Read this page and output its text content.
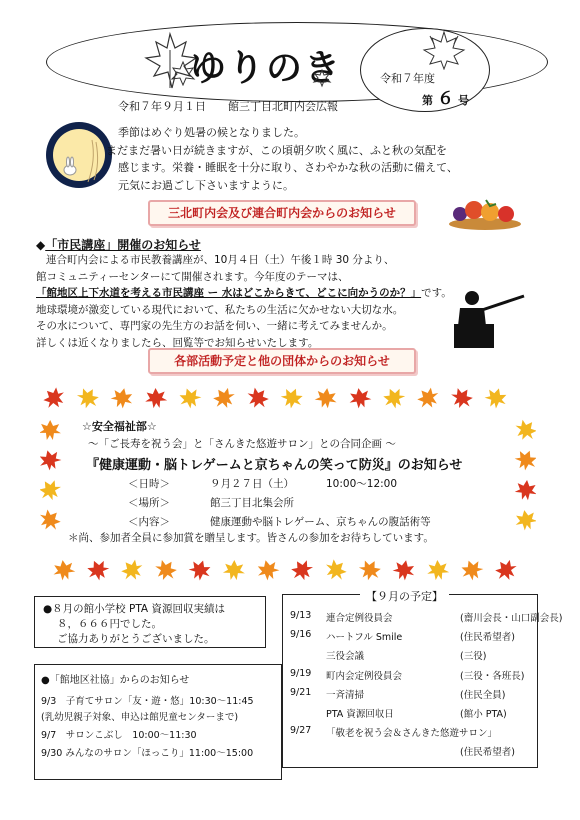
ゆりのき	令和７年度
第 ６ 号
令和７年９月１日　　館三丁目北町内会広報

季節はめぐり処暑の候となりました。

まだまだ暑い日が続きますが、この頃朝夕吹く風に、ふと秋の気配を

感じます。栄養・睡眠を十分に取り、さわやかな秋の活動に備えて、

元気にお過ごし下さいますように。

三北町内会及び連合町内会からのお知らせ
◆「市民講座」開催のお知らせ

連合町内会による市民教養講座が、10月４日（土）午後１時 30 分より、

館コミュニティーセンターにて開催されます。今年度のテーマは、

「館地区上下水道を考える市民講座 ー 水はどこからきて、どこに向かうのか？」です。

地球環境が激変している現代において、私たちの生活に欠かせない大切な水。

その水について、専門家の先生方のお話を伺い、一緒に考えてみませんか。

詳しくは近くなりましたら、回覧等でお知らせいたします。

各部活動予定と他の団体からのお知らせ
☆安全福祉部☆
〜「ご長寿を祝う会」と「さんきた悠遊サロン」との合同企画 〜
『健康運動・脳トレゲームと京ちゃんの笑って防災』のお知らせ
＜日時＞	９月２７日（土）	10:00〜12:00
＜場所＞	館三丁目北集会所
＜内容＞	健康運動や脳トレゲーム、京ちゃんの腹話術等
＊尚、参加者全員に参加賞を贈呈します。皆さんの参加をお待ちしています。

●８月の館小学校 PTA 資源回収実績は

８，６６６円でした。

ご協力ありがとうございました。

●「館地区社協」からのお知らせ

9/3　子育てサロン「友・遊・悠」10:30〜11:45

(乳幼児親子対象、申込は館児童センターまで)

9/7　サロンこぶし　10:00〜11:30

9/30 みんなのサロン「ほっこり」11:00〜15:00

【９月の予定】
9/13 連合定例役員会	(齋川会長・山口副会長)
9/16 ハートフル Smile	(住民希望者)
三役会議	(三役)
9/19 町内会定例役員会	(三役・各班長)
9/21 一斉清掃	(住民全員)
PTA 資源回収日	(館小 PTA)
9/27 「敬老を祝う会＆さんきた悠遊サロン」
(住民希望者)
